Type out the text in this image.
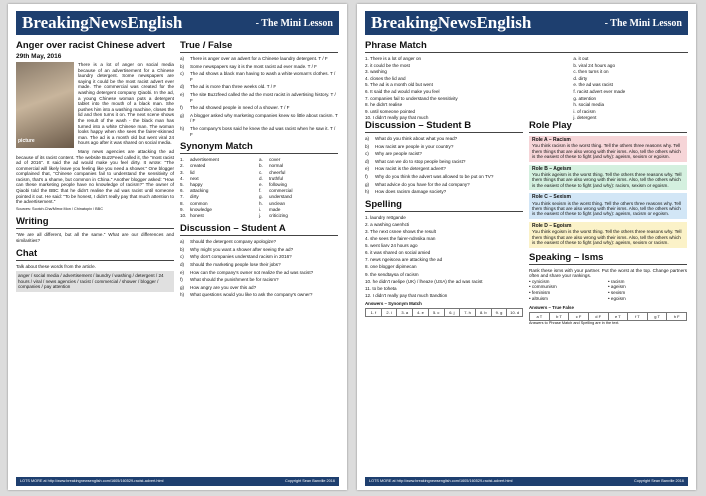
BreakingNewsEnglish	- The Mini Lesson
Anger over racist Chinese advert
29th May, 2016
picture
There is a lot of anger on social media because of an advertisement for a Chinese laundry detergent. Some newspapers are saying it could be the most racist advert ever made. The commercial was created for the washing detergent company Qiaobi. In the ad, a young Chinese woman puts a detergent tablet into the mouth of a black man. She pushes him into a washing machine, closes the lid and then turns it on. The next scene shows the result of the wash - the black man has turned into a white Chinese man. The woman looks happy when she sees the fairer-skinned man. The ad is a month old but went viral 24 hours ago after it was shared on social media.
Many news agencies are attacking the ad because of its racist content. The website BuzzFeed called it, the "most racist ad of 2016". It said the ad would make you feel dirty. It wrote: "The commercial will likely leave you feeling like you need a shower." One blogger complained that, "Chinese companies fail to understand the sensitivity of racism, that's a shame, but common in China." Another blogger asked: "How can these marketing people have no knowledge of racism?" The owner of Qiaobi told the BBC that he didn't realise the ad was racist until someone pointed it out. He said: "To be honest, I didn't really pay that much attention to the advertisement."
Sources: Scotch.Cha/Mirror.Mon / Chinatopix / BBC
Writing
"We are all different, but all the same." What are our differences and similarities?
Chat
Talk about these words from the article.
anger / social media / advertisement / laundry / washing / detergent / 24 hours / viral / news agencies / racist / commercial / shower / blogger / companies / pay attention
True / False
a)	There is anger over an advert for a Chinese laundry detergent. T / F
b)	Some newspapers say it is the most racist ad ever made. T / F
c)	The ad shows a black man having to wash a white woman's clothes. T / F
d)	The ad is more than three weeks old. T / F
e)	The site Buzzfeed called the ad the most racist in advertising history. T / F
f)	The ad showed people in need of a shower. T / F
g)	A blogger asked why marketing companies knew so little about racism. T / F
h)	The company's boss said he knew the ad was racist when he saw it. T / F
Synonym Match
1.	advertisement	a.	cover
2.	created	b.	normal
3.	lid	c.	cheerful
4.	next	d.	truthful
5.	happy	e.	following
6.	attacking	f.	commercial
7.	dirty	g.	understand
8.	common	h.	unclean
9.	knowledge	i.	made
10. honest	j.	criticizing
Discussion – Student A
a)	Should the detergent company apologize?
b)	Why might you want a shower after seeing the ad?
c)	Why don't companies understand racism in 2016?
d)	Should the marketing people lose their jobs?
e)	How can the company's owner not realize the ad was racist?
f)	What should the punishment be for racism?
g)	How angry are you over this ad?
h)	What questions would you like to ask the company's owner?
LOTS MORE at http://www.breakingnewsenglish.com/1605/160529-racist-advert.html	Copyright Sean Banville 2016
BreakingNewsEnglish	- The Mini Lesson
Phrase Match
1. There is a lot of anger on
2. it could be the most
3. washing
4. closes the lid and
5. The ad is a month old but went
6. It said the ad would make you feel
7. companies fail to understand the sensitivity
8. he didn't realise
9. until someone pointed
10. I didn't really pay that much
a. it out
b. viral 24 hours ago
c. then turns it on
d. dirty
e. the ad was racist
f. racist advert ever made
g. attention
h. social media
i. of racism
j. detergent
Discussion – Student B
a)	What do you think about what you read?
b)	How racist are people in your country?
c)	Why are people racist?
d)	What can we do to stop people being racist?
e)	How racist is the detergent advert?
f)	Why do you think the advert was allowed to be put on TV?
g)	What advice do you have for the ad company?
h)	How does racism damage society?
Spelling
1. laundry rettgande
2. a washing caenhcti
3. The next csnee shows the result
4. she sees the fairer-ndnsika man
5. went liarv 24 hours ago
6. it was shared on social amied
7. news ngeiscea are attacking the ad
8. one blogger dipimecan
9. the sendtaysa of racism
10. he didn't raelipe (UK) / lheaze (USA) the ad was racist
11. to be toheta
12. I didn't really pay that much ttandtion
Answers – Synonym Match
1. f	2. i	3. a	4. e	5. c	6. j	7. h	8. b	9. g	10. d
Role Play
Role A – Racism
You think racism is the worst thing. Tell the others three reasons why. Tell them things that are also wrong with their isms. Also, tell the others which is the easiest of these to fight (and why): ageism, sexism or egoism.
Role B – Ageism
You think ageism is the worst thing. Tell the others three reasons why. Tell them things that are also wrong with their isms. Also, tell the others which is the easiest of these to fight (and why): racism, sexism or egoism.
Role C – Sexism
You think sexism is the worst thing. Tell the others three reasons why. Tell them things that are also wrong with their isms. Also, tell the others which is the easiest of these to fight (and why): ageism, racism or egoism.
Role D – Egoism
You think egoism is the worst thing. Tell the others three reasons why. Tell them things that are also wrong with their isms. Also, tell the others which is the easiest of these to fight (and why): ageism, sexism or racism.
Speaking – Isms
Rank these isms with your partner. Put the worst at the top. Change partners often and share your rankings.
• cynicism	• racism
• communism	• ageism
• feminism	• sexism
• altruism	• egoism
Answers – True False
a T	b T	c F	d F	e T	f T	g T	h F
Answers to Phrase Match and Spelling are in the text.
LOTS MORE at http://www.breakingnewsenglish.com/1605/160529-racist-advert.html	Copyright Sean Banville 2016
